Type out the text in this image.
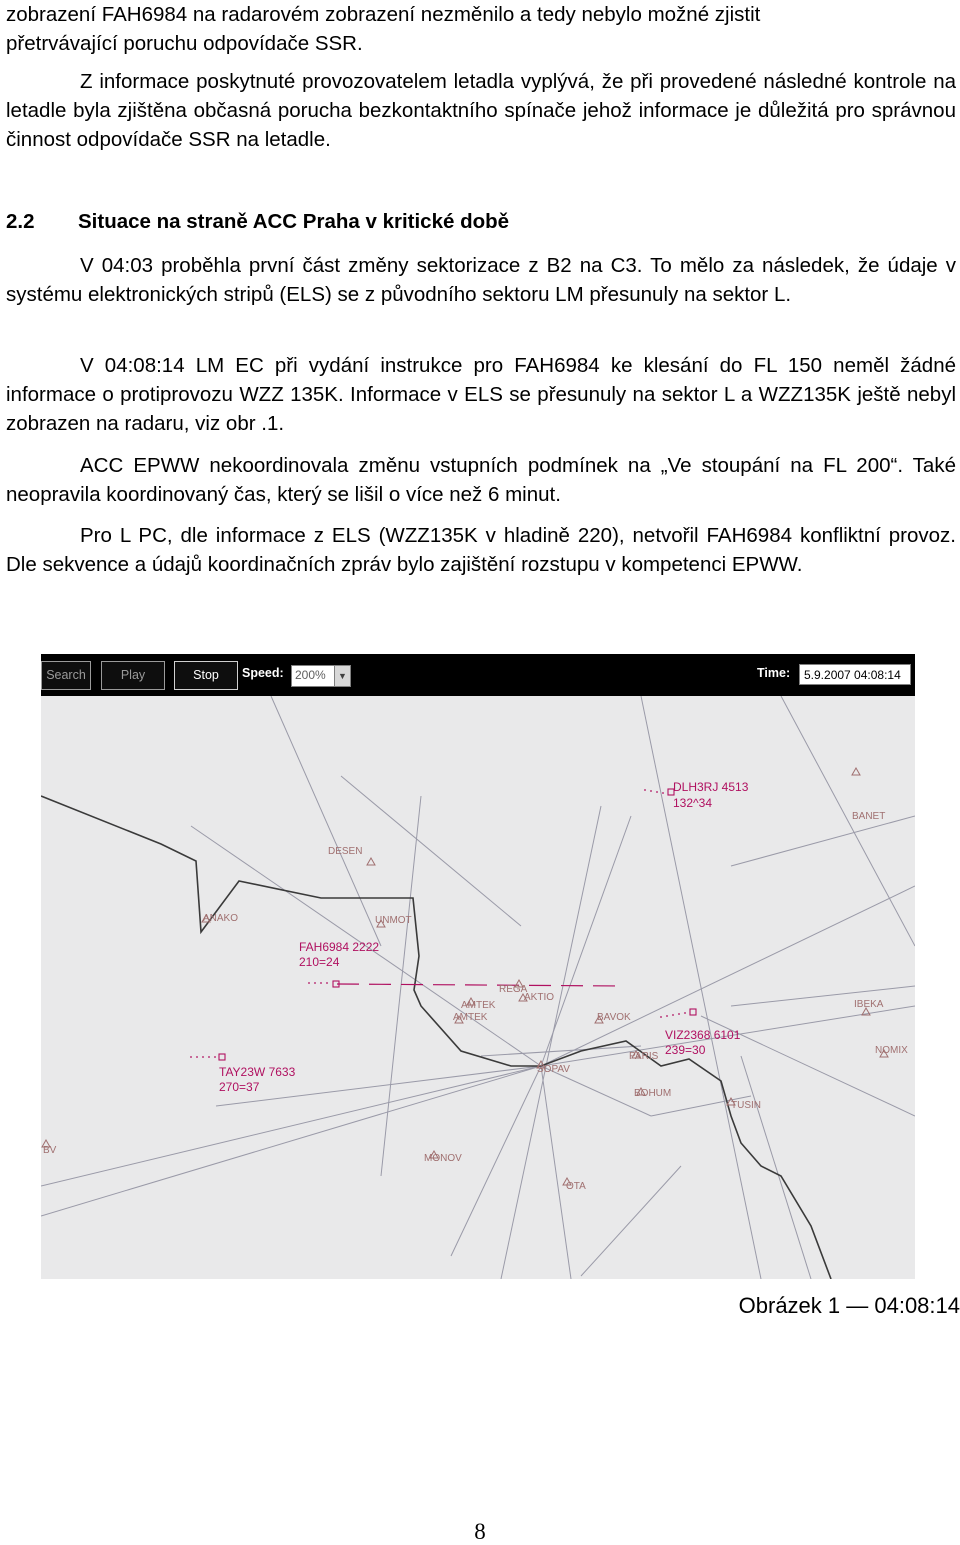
zobrazení FAH6984 na radarovém zobrazení nezměnilo a tedy nebylo možné zjistit

přetrvávající poruchu odpovídače SSR.

Z informace poskytnuté provozovatelem letadla vyplývá, že při provedené následné kontrole na letadle byla zjištěna občasná porucha bezkontaktního spínače jehož informace je důležitá pro správnou činnost odpovídače SSR na letadle.

2.2 Situace na straně ACC Praha v kritické době

V 04:03 proběhla první část změny sektorizace z B2 na C3. To mělo za následek, že údaje v systému elektronických stripů (ELS) se z původního sektoru LM přesunuly na sektor L.

V 04:08:14 LM EC při vydání instrukce pro FAH6984 ke klesání do FL 150 neměl žádné informace o protiprovozu WZZ 135K. Informace v ELS se přesunuly na sektor L a WZZ135K ještě nebyl zobrazen na radaru, viz obr .1.

ACC EPWW nekoordinovala změnu vstupních podmínek na „Ve stoupání na FL 200“. Také neopravila koordinovaný čas, který se lišil o více než 6 minut.

Pro L PC, dle informace z ELS (WZZ135K v hladině 220), netvořil FAH6984 konfliktní provoz. Dle sekvence a údajů koordinačních zpráv bylo zajištění rozstupu v kompetenci EPWW.

Search	Play	Stop	Speed: 200%	▼	Time:	5.9.2007 04:08:14
DESEN
ANAKO	UNMOT
REGA
AMTEK
AMTEK
AKTIO
BAVOK
PARIS
SOPAV
BOHUM
TUSIN
MONOV
OTA
BV
BANET
IBEKA
NOMIX
DLH3RJ 4513
132^34
FAH6984 2222
210=24
TAY23W 7633
270=37
VIZ2368 6101
239=30

Obrázek 1 — 04:08:14

8
